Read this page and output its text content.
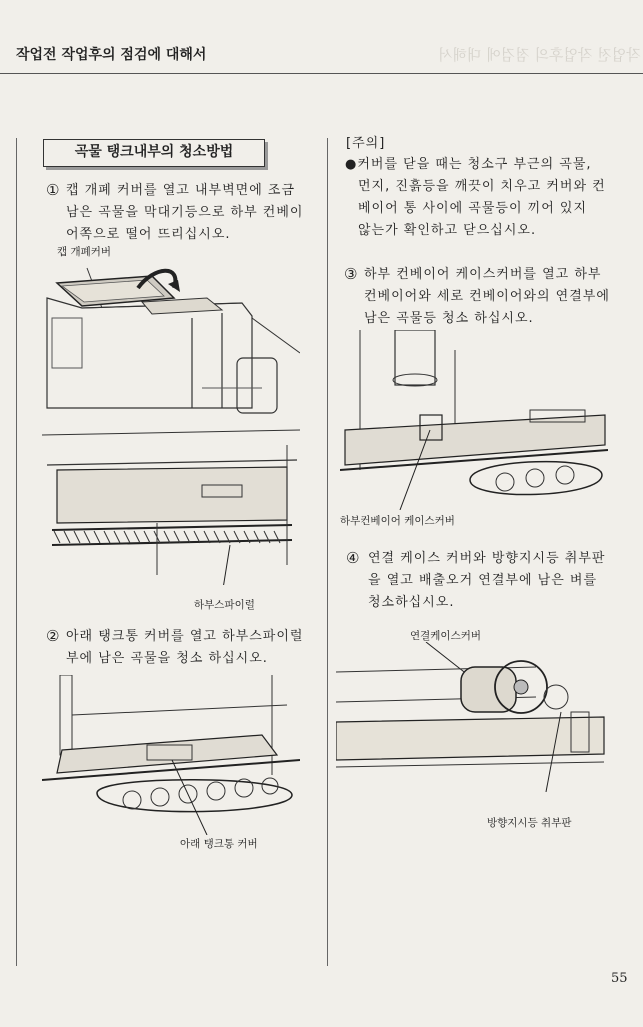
작업전 작업후의 점검에 대해서
작업전 작업후의 점검에 대해서
곡물 탱크내부의 청소방법
① 캡 개폐 커버를 열고 내부벽면에 조금
남은 곡물을 막대기등으로 하부 컨베이
어쪽으로 떨어 뜨리십시오.
캡 개폐커버
하부스파이럴
② 아래 탱크통 커버를 열고 하부스파이럴
부에 남은 곡물을 청소 하십시오.
아래 탱크통 커버
[주의]
●커버를 닫을 때는 청소구 부근의 곡물,
먼지, 진흙등을 깨끗이 치우고 커버와 컨
베이어 통 사이에 곡물등이 끼어 있지
않는가 확인하고 닫으십시오.
③ 하부 컨베이어 케이스커버를 열고 하부
컨베이어와 세로 컨베이어와의 연결부에
남은 곡물등 청소 하십시오.
하부컨베이어 케이스커버
④ 연결 케이스 커버와 방향지시등 취부판
을 열고 배출오거 연결부에 남은 벼를
청소하십시오.
연결케이스커버
방향지시등 취부판
55
